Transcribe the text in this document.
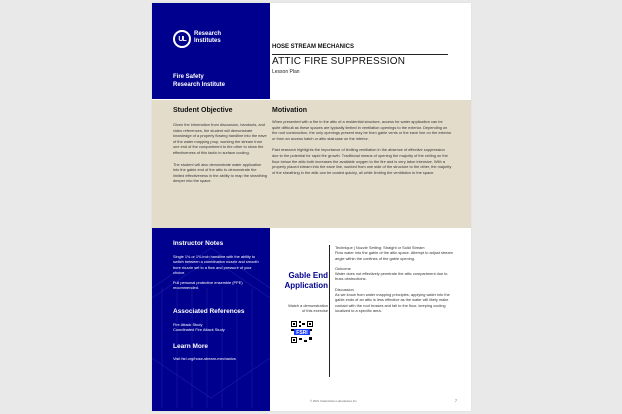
UL
Research
Institutes
Fire Safety
Research Institute
HOSE STREAM MECHANICS
ATTIC FIRE SUPPRESSION
Lesson Plan
Student Objective

Given the information from discussion, handouts, and video references, the student will demonstrate knowledge of a properly flowing handline into the eave of the water mapping prop, working the stream from one end of the compartment to the other to show the effectiveness of this tactic in surface cooling.

The student will also demonstrate water application into the gable end of the attic to demonstrate the limited effectiveness in the ability to map the sheathing deeper into the space.

Motivation

When presented with a fire in the attic of a residential structure, access for water application can be quite difficult as these spaces are typically limited in ventilation openings to the exterior. Depending on the roof construction, the only openings present may be from gable vents or the eave line on the exterior or from an access hatch or attic staircase on the interior.

Past research highlights the importance of limiting ventilation in the absence of effective suppression due to the potential for rapid fire growth. Traditional means of opening the majority of the ceiling on the floor below the attic both increases the available oxygen to the fire and is very labor intensive. With a properly placed stream into the eave line, worked from one side of the structure to the other, the majority of the sheathing in the attic can be coated quickly, all while limiting the ventilation to the space.

Instructor Notes

Single 1¾ or 1¾ inch handline with the ability to switch between a combination nozzle and smooth bore nozzle set to a flow and pressure of your choice.

Full personal protective ensemble (PPE) recommended.

Associated References
Fire Attack Study
Coordinated Fire Attack Study
Learn More
Visit fsri.org/hose-stream-mechanics
Gable End
Application
Watch a demonstration
of this exercise
FSRI

Technique | Nozzle Setting: Straight or Solid Stream
Flow water into the gable of the attic space. Attempt to adjust stream angle within the confines of the gable opening.

Outcome
Water does not effectively penetrate the attic compartment due to truss obstructions.

Discussion
As we know from water mapping principles, applying water into the gable ends of an attic is less effective as the water will likely make contact with the roof trusses and fall to the floor, keeping cooling localized to a specific area.

© 2021 Underwriters Laboratories Inc.	7
